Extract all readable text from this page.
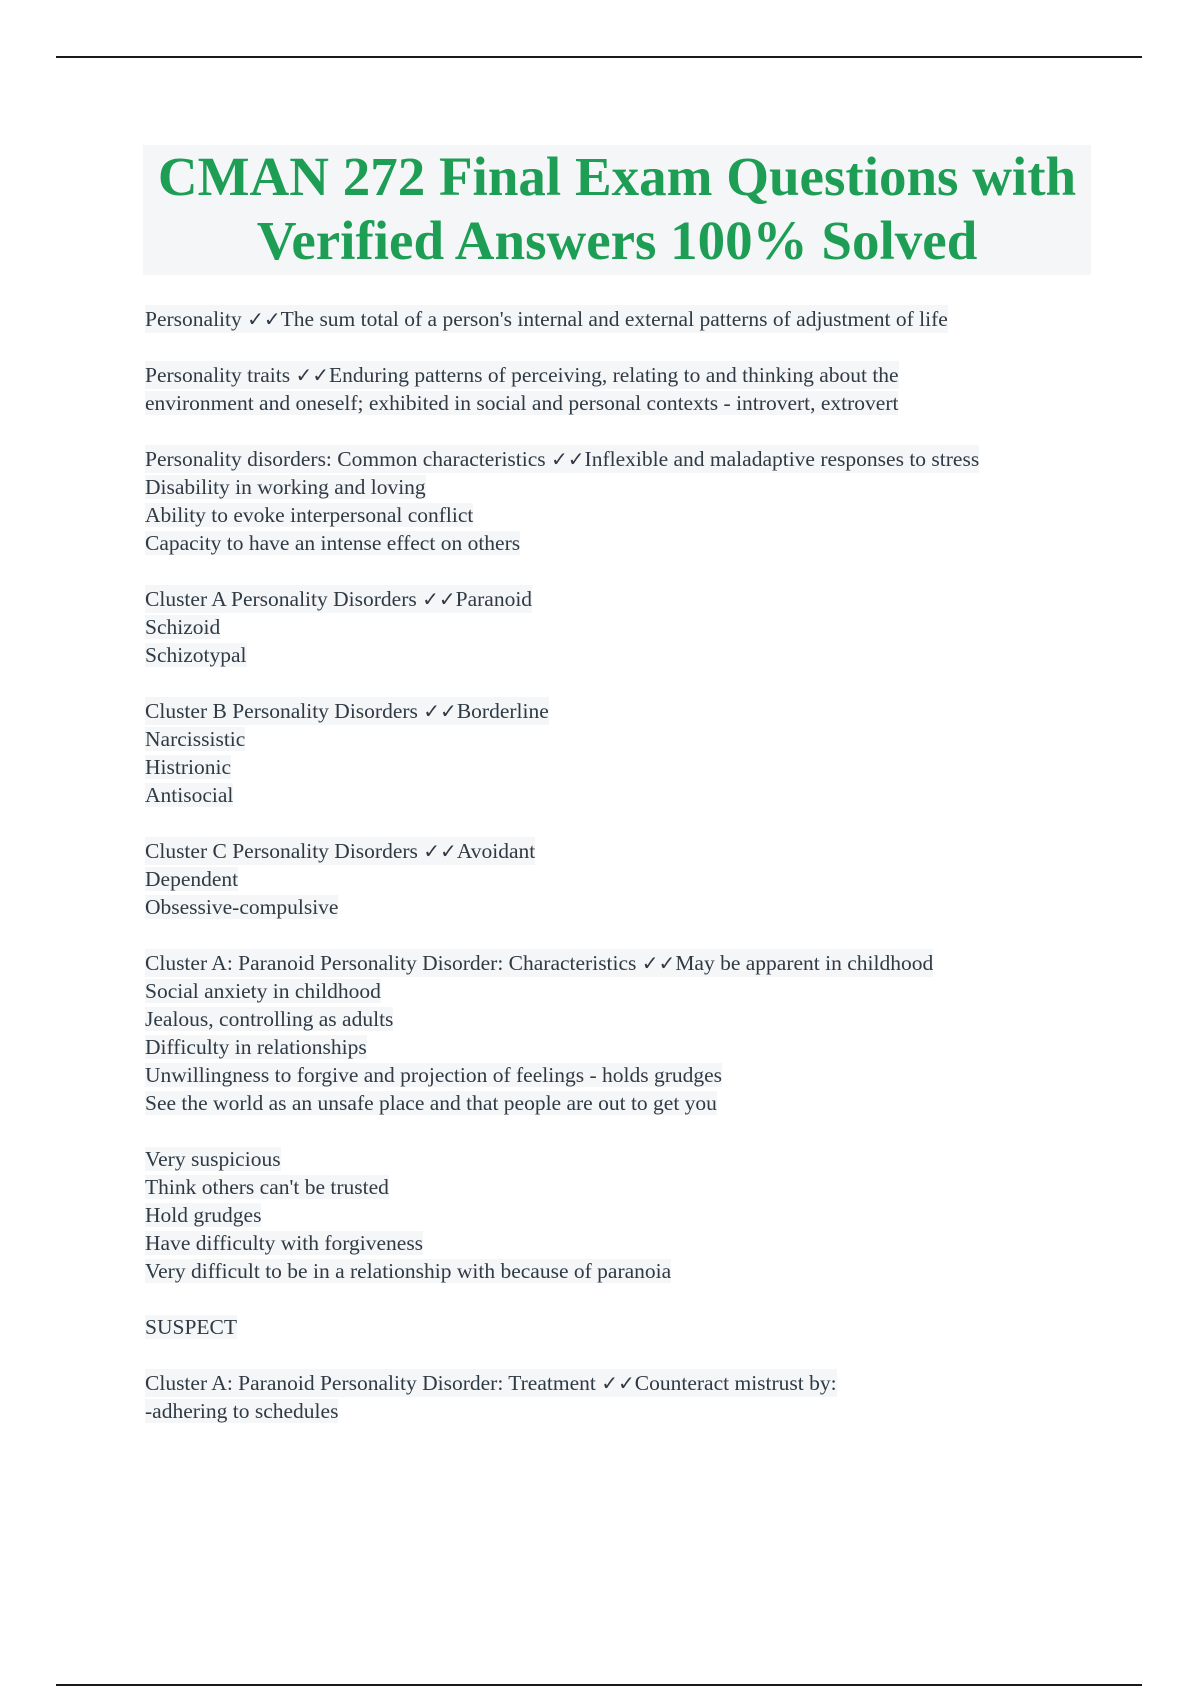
CMAN 272 Final Exam Questions with
Verified Answers 100% Solved
Personality ✓✓The sum total of a person's internal and external patterns of adjustment of life
Personality traits ✓✓Enduring patterns of perceiving, relating to and thinking about the
environment and oneself; exhibited in social and personal contexts - introvert, extrovert
Personality disorders: Common characteristics ✓✓Inflexible and maladaptive responses to stress
Disability in working and loving
Ability to evoke interpersonal conflict
Capacity to have an intense effect on others
Cluster A Personality Disorders ✓✓Paranoid
Schizoid
Schizotypal
Cluster B Personality Disorders ✓✓Borderline
Narcissistic
Histrionic
Antisocial
Cluster C Personality Disorders ✓✓Avoidant
Dependent
Obsessive-compulsive
Cluster A: Paranoid Personality Disorder: Characteristics ✓✓May be apparent in childhood
Social anxiety in childhood
Jealous, controlling as adults
Difficulty in relationships
Unwillingness to forgive and projection of feelings - holds grudges
See the world as an unsafe place and that people are out to get you
Very suspicious
Think others can't be trusted
Hold grudges
Have difficulty with forgiveness
Very difficult to be in a relationship with because of paranoia
SUSPECT
Cluster A: Paranoid Personality Disorder: Treatment ✓✓Counteract mistrust by:
-adhering to schedules
